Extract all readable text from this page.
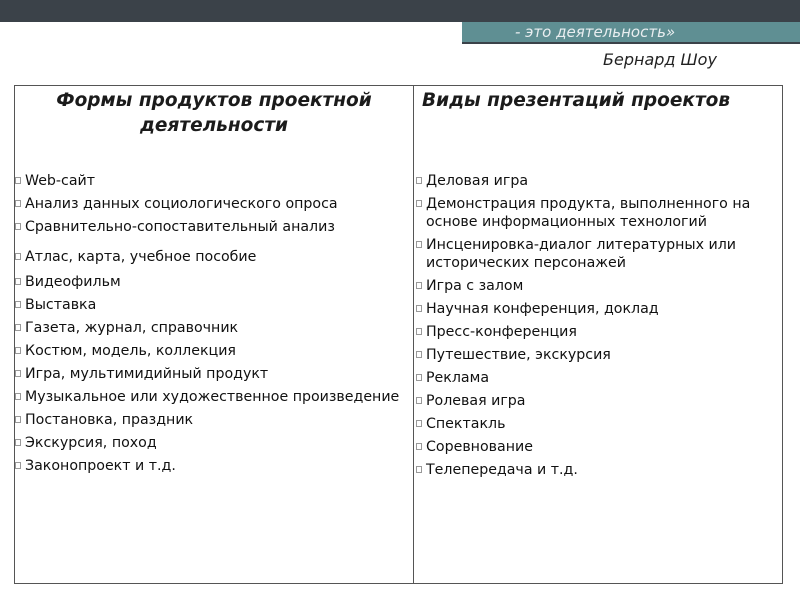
- это деятельность»
Бернард Шоу
Формы продуктов проектной деятельности
Web-сайт
Анализ данных социологического опроса
Сравнительно-сопоставительный анализ
Атлас, карта, учебное пособие
Видеофильм
Выставка
Газета, журнал, справочник
Костюм, модель, коллекция
Игра, мультимидийный продукт
Музыкальное или художественное произведение
Постановка, праздник
Экскурсия, поход
Законопроект и т.д.
Виды презентаций проектов
Деловая игра
Демонстрация продукта, выполненного на основе информационных технологий
Инсценировка-диалог литературных или исторических персонажей
Игра с залом
Научная конференция, доклад
Пресс-конференция
Путешествие, экскурсия
Реклама
Ролевая игра
Спектакль
Соревнование
Телепередача и т.д.
